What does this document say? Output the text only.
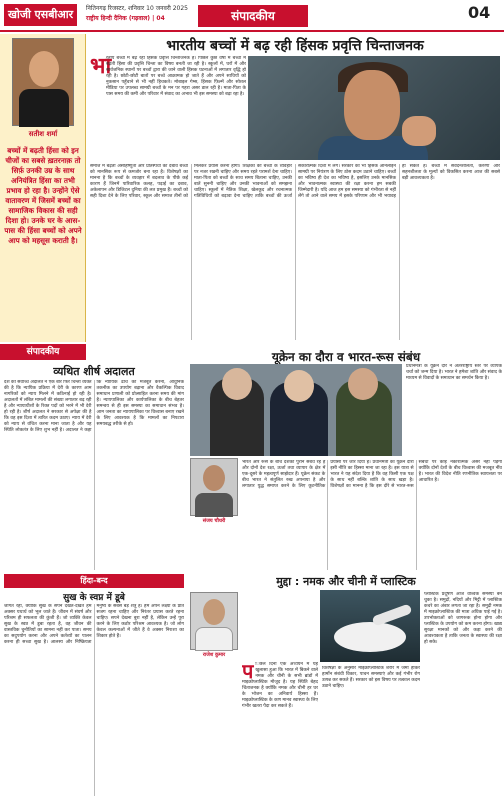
खोजी एसबीआर	नितिनगढ़ रिजस्टर, शनिवार 10 जनवरी 2025
राष्ट्रीय हिन्दी दैनिक (गढ़वाल) | 04	संपादकीय	04
भारतीय बच्चों में बढ़ रही हिंसक प्रवृत्ति चिन्ताजनक
सतीश शर्मा
बच्चों में बढ़ती हिंसा को इन चीजों का सबसे ख़तरनाक़ तो सिर्फ़ उनकी उम्र के साथ अनियंत्रित हिंसा का तभी प्रभाव हो रहा है। उन्होंने ऐसे वातावरण में जिसमें बच्चों का सामाजिक विकास की सही दिशा हो। उनके घर के आस-पास की हिंसा बच्चों को अपने आप को महसूस कराती है।
भा
रतीय बच्चों में बढ़ रही हिंसक प्रवृत्ति चिन्ताजनक है। पिछले कुछ वर्षों में बच्चों में बढ़ती हिंसा की प्रवृत्ति चिन्ता का विषय बनती जा रही है। स्कूलों में, घरों में और सार्वजनिक स्थानों पर बच्चों द्वारा की जाने वाली हिंसक घटनाओं में लगातार वृद्धि हो रही है। छोटी-छोटी बातों पर बच्चे आक्रामक हो जाते हैं और अपने साथियों को नुकसान पहुँचाने से भी नहीं हिचकते। मोबाइल गेम्स, हिंसक फ़िल्में और सोशल मीडिया पर उपलब्ध सामग्री बच्चों के मन पर गहरा असर डाल रही है। माता-पिता के पास समय की कमी और परिवार में संवाद का अभाव भी इस समस्या को बढ़ा रहा है।
समाज में बढ़ती असहिष्णुता और प्रतिस्पर्धा का दबाव बच्चों को मानसिक रूप से कमजोर बना रहा है। विशेषज्ञों का मानना है कि बच्चों के व्यवहार में बदलाव के पीछे कई कारण हैं जिनमें पारिवारिक कलह, पढ़ाई का दबाव, अकेलापन और डिजिटल दुनिया की लत प्रमुख हैं। बच्चों को सही दिशा देने के लिए परिवार, स्कूल और समाज तीनों को मिलकर प्रयास करना होगा। शिक्षकों को बच्चों के व्यवहार पर नजर रखनी चाहिए और समय रहते परामर्श देना चाहिए। माता-पिता को बच्चों के साथ समय बिताना चाहिए, उनकी बातें सुननी चाहिए और उनकी भावनाओं को समझना चाहिए। स्कूलों में नैतिक शिक्षा, खेलकूद और रचनात्मक गतिविधियों को बढ़ावा देना चाहिए ताकि बच्चों की ऊर्जा सकारात्मक दिशा में लगे। सरकार को भी हिंसक ऑनलाइन सामग्री पर नियंत्रण के लिए ठोस कदम उठाने चाहिए। बच्चों का भविष्य ही देश का भविष्य है, इसलिए उनके मानसिक और भावनात्मक स्वास्थ्य की रक्षा करना हम सबकी जिम्मेदारी है। यदि आज हम इस समस्या को गंभीरता से नहीं लेंगे तो आने वाले समय में इसके परिणाम और भी भयावह हो सकते हैं। बच्चों में संवेदनशीलता, करुणा और सहनशीलता के मूल्यों को विकसित करना आज की सबसे बड़ी आवश्यकता है।
संपादकीय
व्यथित शीर्ष अदालत
देश की सर्वोच्च अदालत ने एक बार फिर चिन्ता व्यक्त की है कि न्यायिक प्रक्रिया में देरी के कारण आम नागरिकों को न्याय मिलने में कठिनाई हो रही है। अदालतों में लंबित मामलों की संख्या लगातार बढ़ रही है और न्यायाधीशों के रिक्त पदों को भरने में भी देरी हो रही है। शीर्ष अदालत ने सरकार से अपेक्षा की है कि वह इस दिशा में त्वरित कदम उठाए। न्याय में देरी को न्याय से वंचित करना माना जाता है और यह स्थिति लोकतंत्र के लिए शुभ नहीं है। अदालत ने कहा कि न्यायिक ढांचे को मजबूत करना, आधुनिक तकनीक का उपयोग बढ़ाना और वैकल्पिक विवाद समाधान प्रणाली को प्रोत्साहित करना समय की मांग है। न्यायपालिका और कार्यपालिका के बीच बेहतर समन्वय से ही इस समस्या का समाधान संभव है। आम जनता का न्यायपालिका पर विश्वास बनाए रखने के लिए आवश्यक है कि मामलों का निपटारा समयबद्ध तरीके से हो।
यूक्रेन का दौरा व भारत-रूस संबंध
प्रधानमंत्री के यूक्रेन दौरे ने अंतरराष्ट्रीय स्तर पर व्यापक चर्चा को जन्म दिया है। भारत ने हमेशा शांति और संवाद के माध्यम से विवादों के समाधान का समर्थन किया है।
संजय चौधरी
भारत और रूस के बीच दशकों पुराने संबंध रहे हैं और दोनों देश रक्षा, ऊर्जा तथा व्यापार के क्षेत्र में एक-दूसरे के महत्वपूर्ण साझेदार हैं। यूक्रेन संकट के बीच भारत ने संतुलित रुख अपनाया है और लगातार युद्ध समाप्त करने के लिए कूटनीतिक प्रयासों पर जोर दिया है। प्रधानमंत्री का यूक्रेन दौरा इसी नीति का हिस्सा माना जा रहा है। इस यात्रा से भारत ने यह संदेश दिया है कि वह किसी एक पक्ष के साथ नहीं बल्कि शांति के साथ खड़ा है। विशेषज्ञों का मानना है कि इस दौरे से भारत-रूस संबंधों पर कोई नकारात्मक असर नहीं पड़ेगा क्योंकि दोनों देशों के बीच विश्वास की मजबूत नींव है। भारत की विदेश नीति रणनीतिक स्वायत्तता पर आधारित है।
हिंदा-बन्द
सुख के स्वप्न में डूबे
जागते रहो, क्योंकि सुख के सपने देखते-देखते हम अक्सर यथार्थ को भूल जाते हैं। जीवन में संघर्ष और परिश्रम ही सफलता की कुंजी हैं। जो व्यक्ति केवल सुख के स्वप्न में डूबा रहता है, वह जीवन की वास्तविक चुनौतियों का सामना नहीं कर पाता। समय का सदुपयोग करना और अपने कर्तव्यों का पालन करना ही सच्चा सुख है। आलस्य और निष्क्रियता मनुष्य के सबसे बड़े शत्रु हैं। हमें अपने लक्ष्यों के प्रति सजग रहना चाहिए और निरंतर प्रयास करते रहना चाहिए। सपने देखना बुरा नहीं है, लेकिन उन्हें पूरा करने के लिए कठोर परिश्रम आवश्यक है। जो लोग केवल कल्पनाओं में जीते हैं वे अक्सर निराशा का शिकार होते हैं।
मुद्दा : नमक और चीनी में प्लास्टिक
राजेश कुमार
प िछले दिनों एक अध्ययन में यह खुलासा हुआ कि भारत में बिकने वाले नमक और चीनी के सभी ब्रांडों में माइक्रोप्लास्टिक मौजूद है। यह स्थिति बेहद चिंताजनक है क्योंकि नमक और चीनी हर घर के भोजन का अनिवार्य हिस्सा हैं। माइक्रोप्लास्टिक के कण मानव स्वास्थ्य के लिए गंभीर खतरा पैदा कर सकते हैं।
विशेषज्ञों के अनुसार माइक्रोप्लास्टिक शरीर में जमा होकर हार्मोन संबंधी विकार, पाचन समस्याएं और कई गंभीर रोग उत्पन्न कर सकते हैं। सरकार को इस विषय पर तत्काल कदम उठाने चाहिए।
प्लास्टिक प्रदूषण आज वैश्विक समस्या बन चुका है। समुद्रों, नदियों और मिट्टी में प्लास्टिक कचरे का अंबार लगता जा रहा है। समुद्री नमक में माइक्रोप्लास्टिक की मात्रा अधिक पाई गई है। उपभोक्ताओं को जागरूक होना होगा और प्लास्टिक के उपयोग को कम करना होगा। खाद्य सुरक्षा मानकों को और कड़ा करने की आवश्यकता है ताकि जनता के स्वास्थ्य की रक्षा हो सके।
